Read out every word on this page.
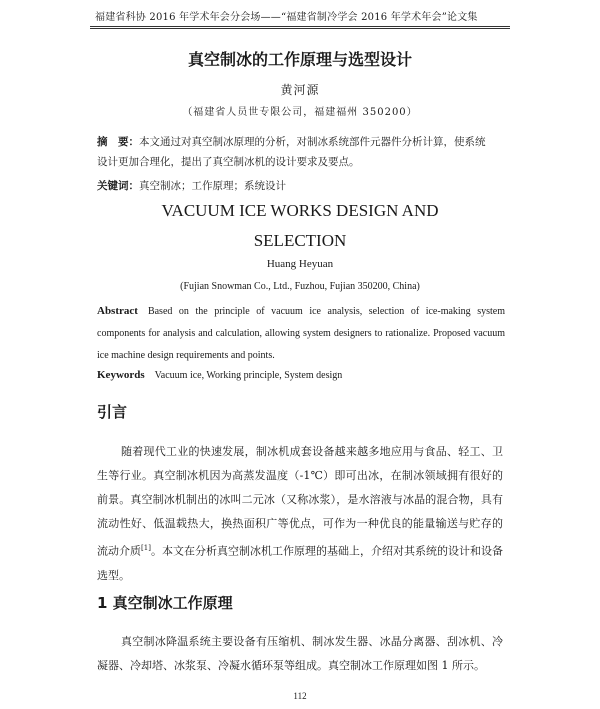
福建省科协 2016 年学术年会分会场——“福建省制冷学会 2016 年学术年会”论文集
真空制冰的工作原理与选型设计
黄河源
（福建省人员世专限公司，福建福州 350200）
摘　要：本文通过对真空制冰原理的分析，对制冰系统部件元器件分析计算，使系统设计更加合理化，提出了真空制冰机的设计要求及要点。
关键词：真空制冰；工作原理；系统设计
VACUUM ICE WORKS DESIGN AND
SELECTION
Huang Heyuan
(Fujian Snowman Co., Ltd., Fuzhou, Fujian 350200, China)
Abstract Based on the principle of vacuum ice analysis, selection of ice-making system components for analysis and calculation, allowing system designers to rationalize. Proposed vacuum ice machine design requirements and points.
Keywords Vacuum ice, Working principle, System design
引言
随着现代工业的快速发展，制冰机成套设备越来越多地应用与食品、轻工、卫生等行业。真空制冰机因为高蒸发温度（-1℃）即可出冰，在制冰领域拥有很好的前景。真空制冰机制出的冰叫二元冰（又称冰浆），是水溶液与冰晶的混合物，具有流动性好、低温载热大，换热面积广等优点，可作为一种优良的能量输送与贮存的流动介质[1]。本文在分析真空制冰机工作原理的基础上，介绍对其系统的设计和设备选型。
1 真空制冰工作原理
真空制冰降温系统主要设备有压缩机、制冰发生器、冰晶分离器、刮冰机、冷凝器、冷却塔、冰浆泵、冷凝水循环泵等组成。真空制冰工作原理如图 1 所示。
112
